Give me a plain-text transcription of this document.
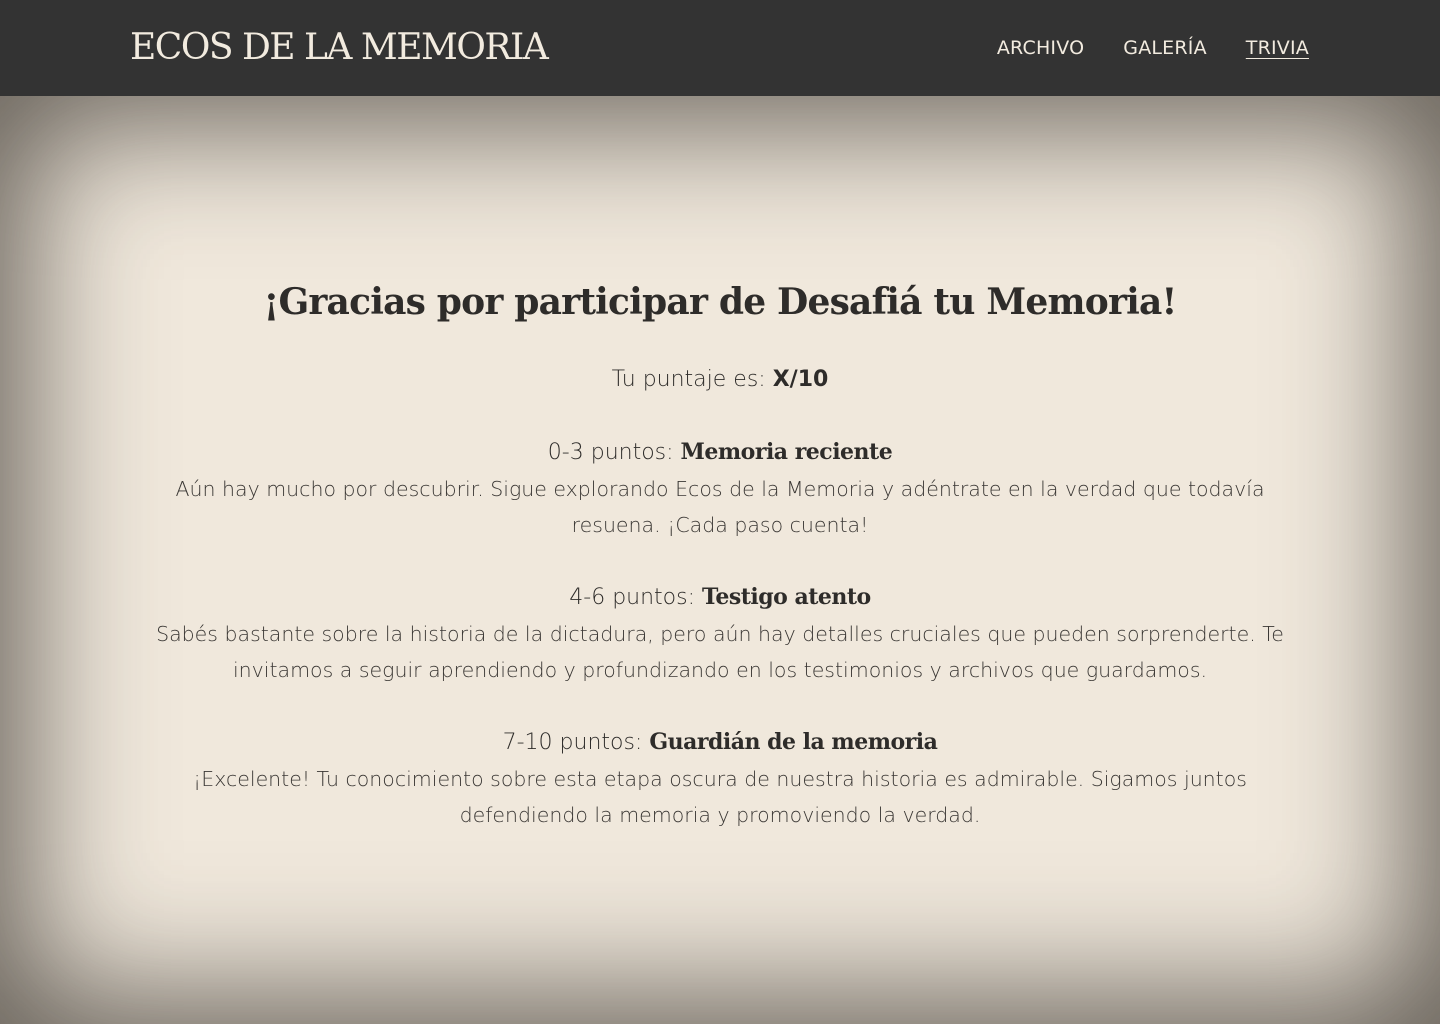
ECOS DE LA MEMORIA	ARCHIVO GALERÍA TRIVIA
¡Gracias por participar de Desafiá tu Memoria!

Tu puntaje es: X/10

0-3 puntos: Memoria reciente
Aún hay mucho por descubrir. Sigue explorando Ecos de la Memoria y adéntrate en la verdad que todavía resuena. ¡Cada paso cuenta!
4-6 puntos: Testigo atento
Sabés bastante sobre la historia de la dictadura, pero aún hay detalles cruciales que pueden sorprenderte. Te invitamos a seguir aprendiendo y profundizando en los testimonios y archivos que guardamos.
7-10 puntos: Guardián de la memoria
¡Excelente! Tu conocimiento sobre esta etapa oscura de nuestra historia es admirable. Sigamos juntos defendiendo la memoria y promoviendo la verdad.
